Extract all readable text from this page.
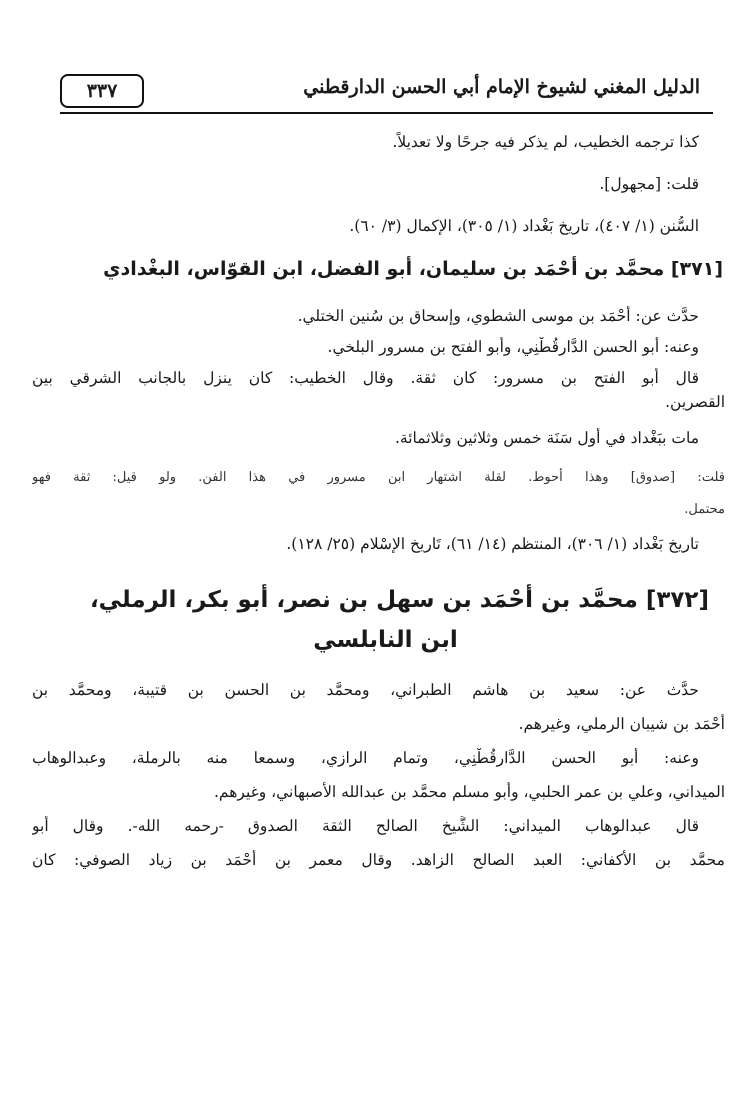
الدليل المغني لشيوخ الإمام أبي الحسن الدارقطني
٣٣٧
كذا ترجمه الخطيب، لم يذكر فيه جرحًا ولا تعديلاً.
قلت: [مجهول].
السُّنن (١/ ٤٠٧)، تاريخ بَغْداد (١/ ٣٠٥)، الإكمال (٣/ ٦٠).
[٣٧١] محمَّد بن أحْمَد بن سليمان، أبو الفضل، ابن القوّاس، البغْدادي
حدَّث عن: أحْمَد بن موسى الشطوي، وإسحاق بن سُنين الختلي.
وعنه: أبو الحسن الدَّارقُطْنِي، وأبو الفتح بن مسرور البلخي.
قال أبو الفتح بن مسرور: كان ثقة. وقال الخطيب: كان ينزل بالجانب الشرقي بين
القصرين.
مات ببَغْداد في أول سَنَة خمس وثلاثين وثلاثمائة.
قلت: [صدوق] وهذا أحوط. لقلة اشتهار ابن مسرور في هذا الفن. ولو قيل: ثقة فهو
محتمل.
تاريخ بَغْداد (١/ ٣٠٦)، المنتظم (١٤/ ٦١)، تَاريخ الإسْلام (٢٥/ ١٢٨).
[٣٧٢] محمَّد بن أحْمَد بن سهل بن نصر، أبو بكر، الرملي،
ابن النابلسي
حدَّث عن: سعيد بن هاشم الطبراني، ومحمَّد بن الحسن بن قتيبة، ومحمَّد بن
أحْمَد بن شيبان الرملي، وغيرهم.
وعنه: أبو الحسن الدَّارقُطْنِي، وتمام الرازي، وسمعا منه بالرملة، وعبدالوهاب
الميداني، وعلي بن عمر الحلبي، وأبو مسلم محمَّد بن عبدالله الأصبهاني، وغيرهم.
قال عبدالوهاب الميداني: الشَّيخ الصالح الثقة الصدوق -رحمه الله-. وقال أبو
محمَّد بن الأكفاني: العبد الصالح الزاهد. وقال معمر بن أحْمَد بن زياد الصوفي: كان
